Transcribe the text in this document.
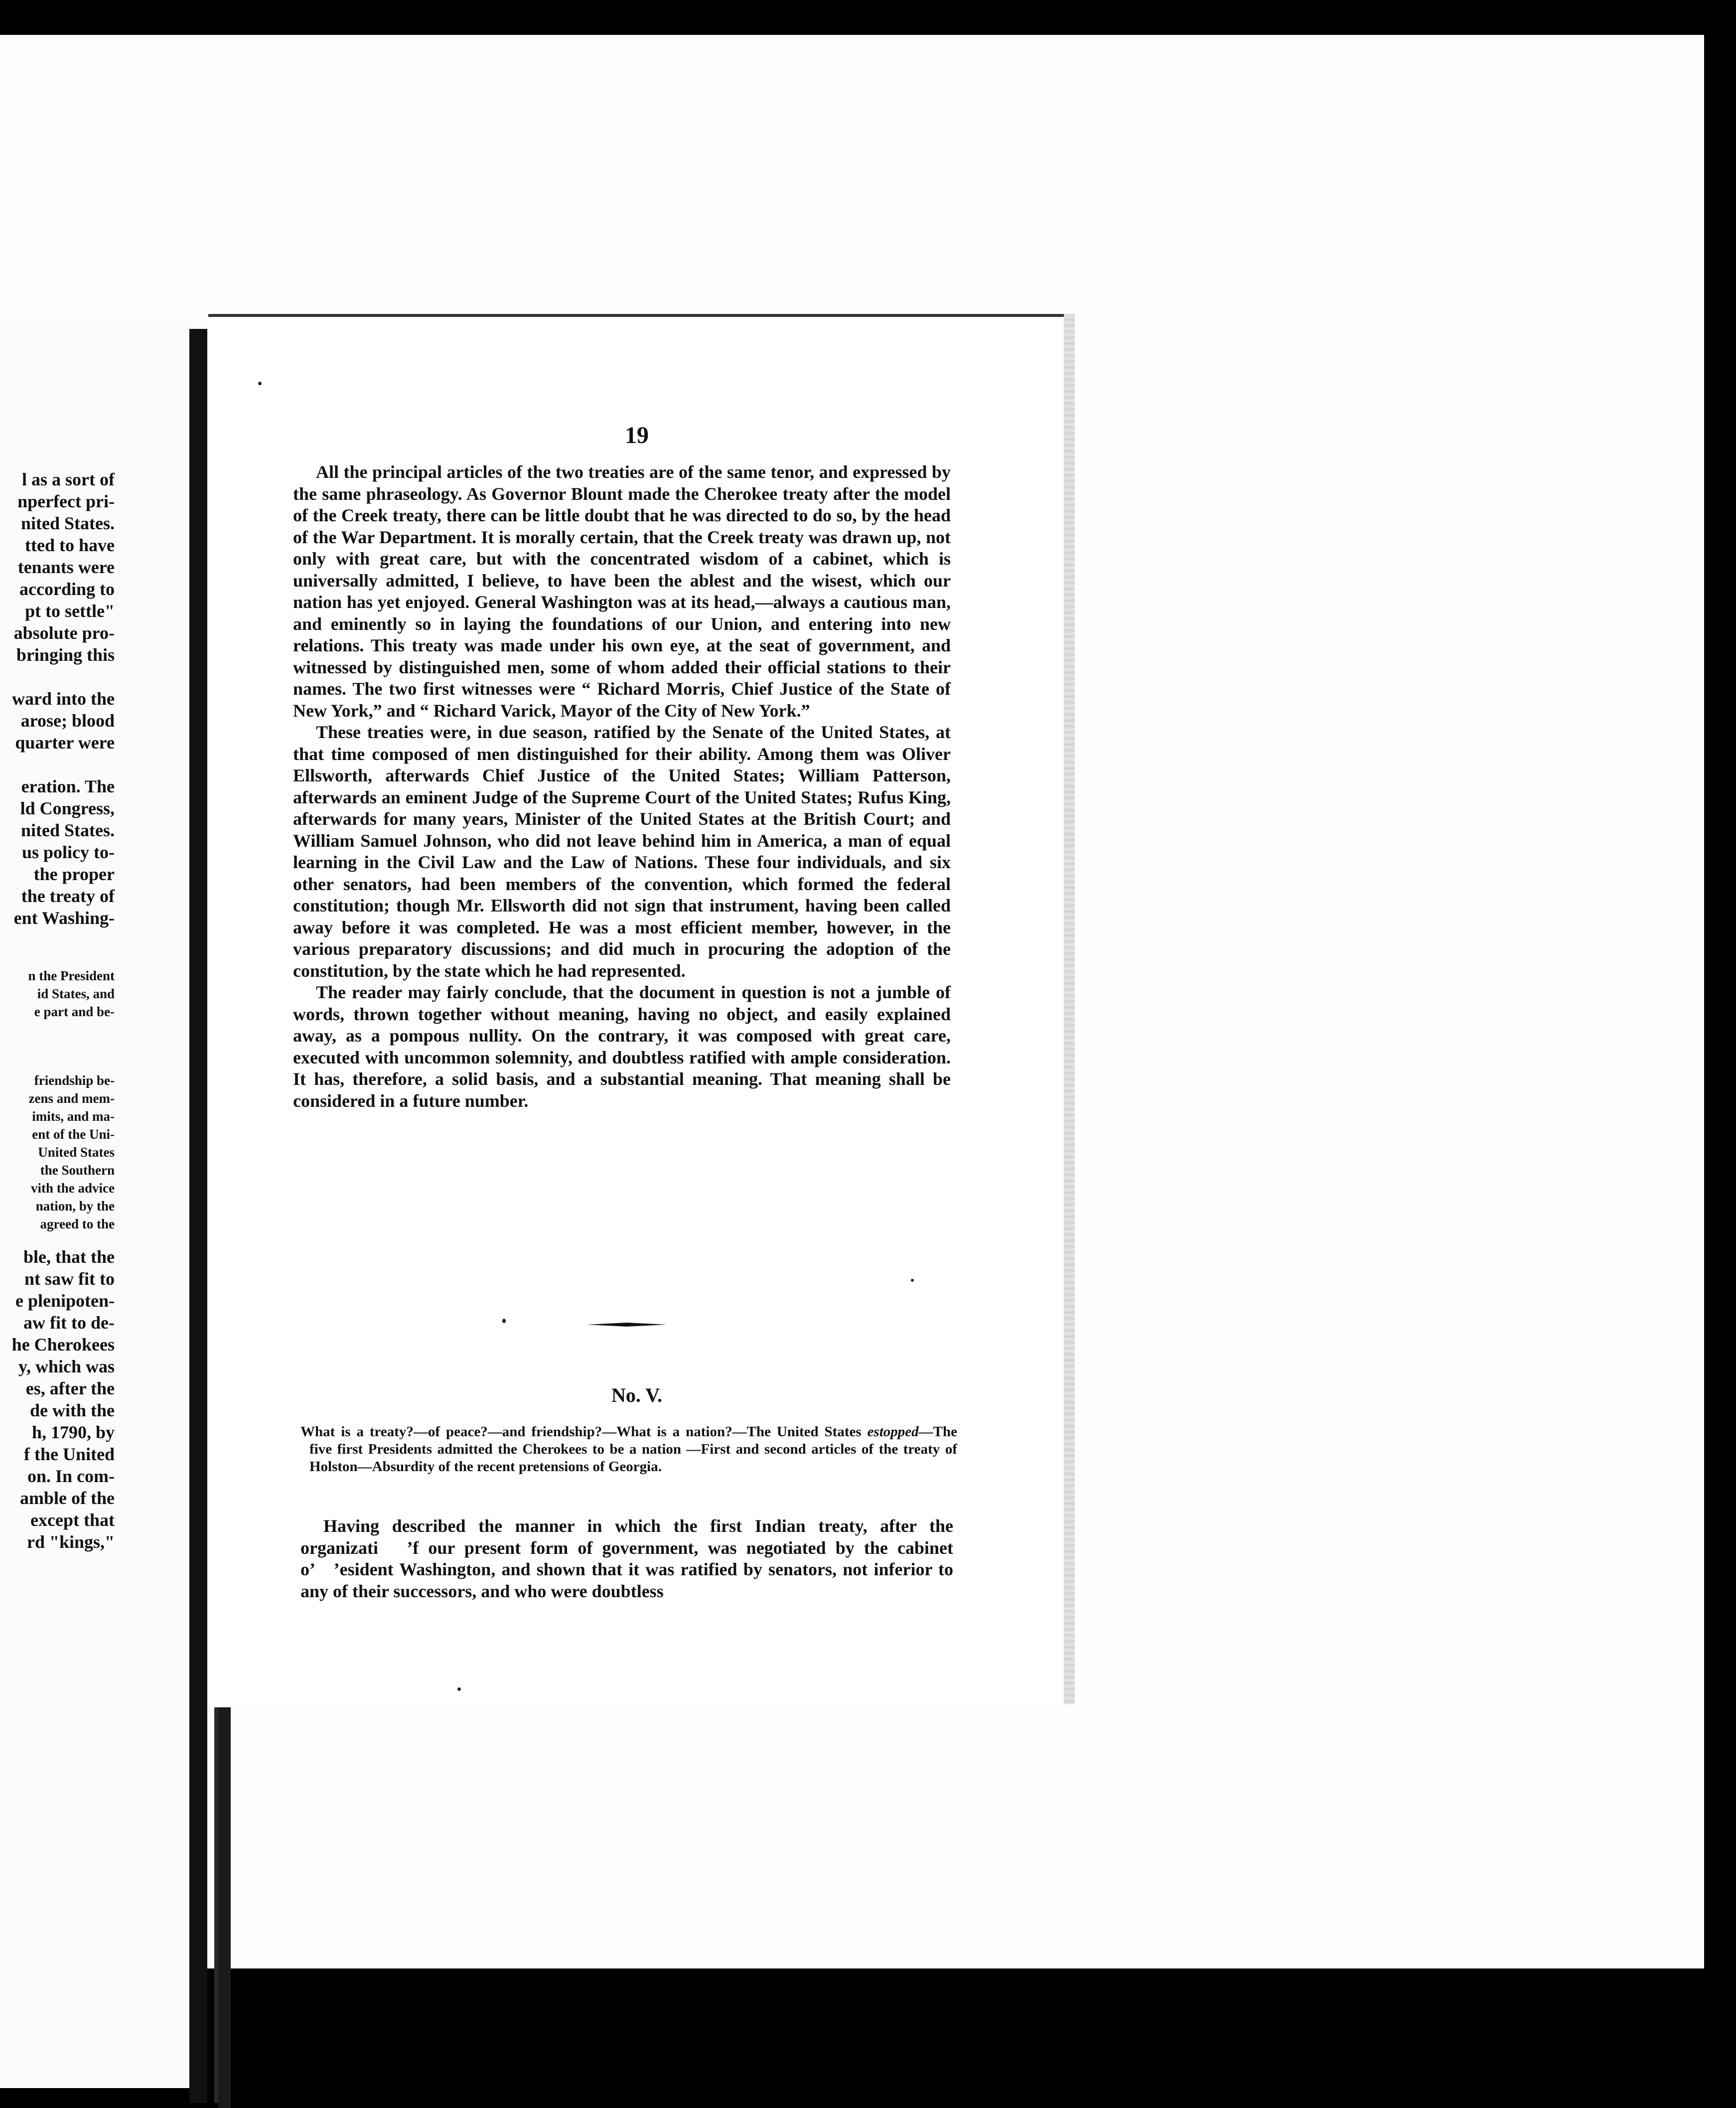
l as a sort of
nperfect pri-
nited States.
tted to have
tenants were
according to
pt to settle"
absolute pro-
bringing this

ward into the
arose; blood
quarter were

eration. The
ld Congress,
nited States.
us policy to-
the proper
the treaty of
ent Washing-

n the President
id States, and
e part and be-

friendship be-
zens and mem-
imits, and ma-
ent of the Uni-
United States
the Southern
vith the advice
nation, by the
agreed to the

ble, that the
nt saw fit to
e plenipoten-
aw fit to de-
he Cherokees
y, which was
es, after the
de with the
h, 1790, by
f the United
on. In com-
amble of the
except that
rd "kings,"

19

All the principal articles of the two treaties are of the same tenor, and expressed by the same phraseology. As Governor Blount made the Cherokee treaty after the model of the Creek treaty, there can be little doubt that he was directed to do so, by the head of the War Department. It is morally certain, that the Creek treaty was drawn up, not only with great care, but with the concentrated wisdom of a cabinet, which is universally admitted, I believe, to have been the ablest and the wisest, which our nation has yet enjoyed. General Washington was at its head,—always a cautious man, and eminently so in laying the foundations of our Union, and entering into new relations. This treaty was made under his own eye, at the seat of government, and witnessed by distinguished men, some of whom added their official stations to their names. The two first witnesses were “ Richard Morris, Chief Justice of the State of New York,” and “ Richard Varick, Mayor of the City of New York.”

These treaties were, in due season, ratified by the Senate of the United States, at that time composed of men distinguished for their ability. Among them was Oliver Ellsworth, afterwards Chief Justice of the United States; William Patterson, afterwards an eminent Judge of the Supreme Court of the United States; Rufus King, afterwards for many years, Minister of the United States at the British Court; and William Samuel Johnson, who did not leave behind him in America, a man of equal learning in the Civil Law and the Law of Nations. These four individuals, and six other senators, had been members of the convention, which formed the federal constitution; though Mr. Ellsworth did not sign that instrument, having been called away before it was completed. He was a most efficient member, however, in the various preparatory discussions; and did much in procuring the adoption of the constitution, by the state which he had represented.

The reader may fairly conclude, that the document in question is not a jumble of words, thrown together without meaning, having no object, and easily explained away, as a pompous nullity. On the contrary, it was composed with great care, executed with uncommon solemnity, and doubtless ratified with ample consideration. It has, therefore, a solid basis, and a substantial meaning. That meaning shall be considered in a future number.

No. V.

What is a treaty?—of peace?—and friendship?—What is a nation?—The United States estopped—The five first Presidents admitted the Cherokees to be a nation —First and second articles of the treaty of Holston—Absurdity of the recent pretensions of Georgia.

Having described the manner in which the first Indian treaty, after the organizati   ’f our present form of government, was negotiated by the cabinet o’   ’esident Washington, and shown that it was ratified by senators, not inferior to any of their successors, and who were doubtless
